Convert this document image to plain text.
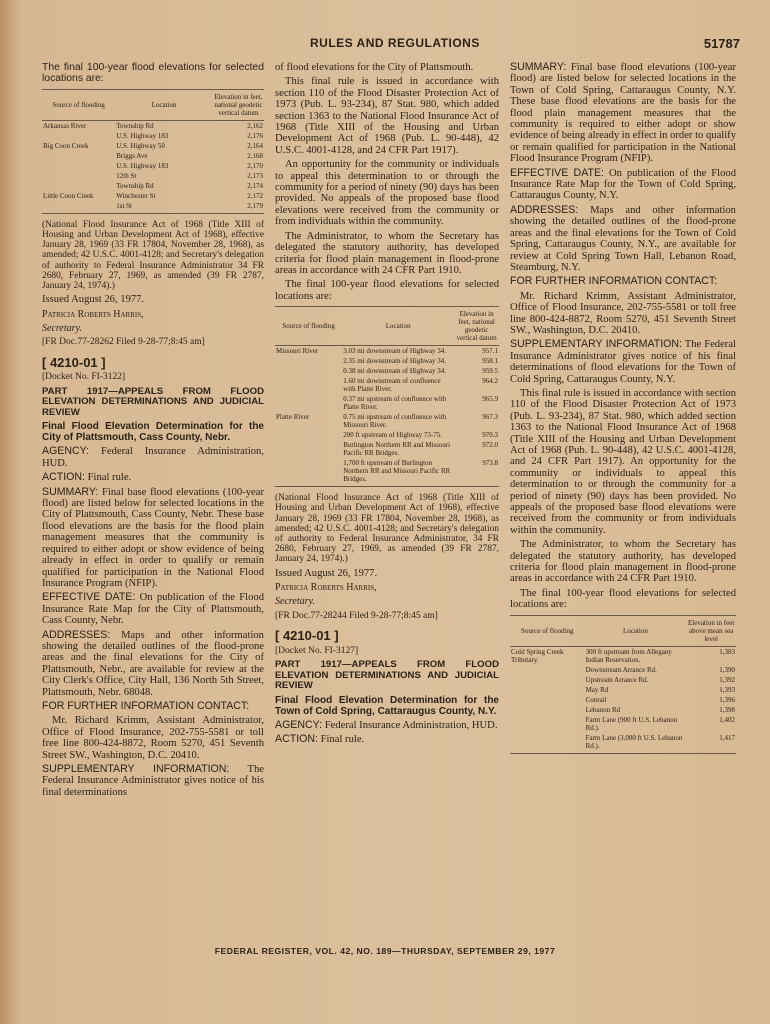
RULES AND REGULATIONS	51787

The final 100-year flood elevations for selected locations are:

Source of flooding	Location	Elevation in feet, national geodetic vertical datum
Arkansas River	Township Rd	2,162
	U.S. Highway 183	2,176
Big Coon Creek	U.S. Highway 50	2,164
	Briggs Ave	2,168
	U.S. Highway 183	2,170
	12th St	2,173
	Township Rd	2,174
Little Coon Creek	Winchester St	2,172
	1st St	2,179

(National Flood Insurance Act of 1968 (Title XIII of Housing and Urban Development Act of 1968), effective January 28, 1969 (33 FR 17804, November 28, 1968), as amended; 42 U.S.C. 4001-4128; and Secretary's delegation of authority to Federal Insurance Administrator 34 FR 2680, February 27, 1969, as amended (39 FR 2787, January 24, 1974).)

Issued August 26, 1977.

Patricia Roberts Harris,

Secretary.

[FR Doc.77-28262 Filed 9-28-77;8:45 am]

[ 4210-01 ]

[Docket No. FI-3122]

PART 1917—APPEALS FROM FLOOD ELEVATION DETERMINATIONS AND JUDICIAL REVIEW

Final Flood Elevation Determination for the City of Plattsmouth, Cass County, Nebr.

AGENCY: Federal Insurance Administration, HUD.

ACTION: Final rule.

SUMMARY: Final base flood elevations (100-year flood) are listed below for selected locations in the City of Plattsmouth, Cass County, Nebr. These base flood elevations are the basis for the flood plain management measures that the community is required to either adopt or show evidence of being already in effect in order to qualify or remain qualified for participation in the National Flood Insurance Program (NFIP).

EFFECTIVE DATE: On publication of the Flood Insurance Rate Map for the City of Plattsmouth, Cass County, Nebr.

ADDRESSES: Maps and other information showing the detailed outlines of the flood-prone areas and the final elevations for the City of Plattsmouth, Nebr., are available for review at the City Clerk's Office, City Hall, 136 North 5th Street, Plattsmouth, Nebr. 68048.

FOR FURTHER INFORMATION CONTACT:

Mr. Richard Krimm, Assistant Administrator, Office of Flood Insurance, 202-755-5581 or toll free line 800-424-8872, Room 5270, 451 Seventh Street SW., Washington, D.C. 20410.

SUPPLEMENTARY INFORMATION: The Federal Insurance Administrator gives notice of his final determinations

of flood elevations for the City of Plattsmouth.

This final rule is issued in accordance with section 110 of the Flood Disaster Protection Act of 1973 (Pub. L. 93-234), 87 Stat. 980, which added section 1363 to the National Flood Insurance Act of 1968 (Title XIII of the Housing and Urban Development Act of 1968 (Pub. L. 90-448), 42 U.S.C. 4001-4128, and 24 CFR Part 1917).

An opportunity for the community or individuals to appeal this determination to or through the community for a period of ninety (90) days has been provided. No appeals of the proposed base flood elevations were received from the community or from individuals within the community.

The Administrator, to whom the Secretary has delegated the statutory authority, has developed criteria for flood plain management in flood-prone areas in accordance with 24 CFR Part 1910.

The final 100-year flood elevations for selected locations are:

Source of flooding	Location	Elevation in feet, national geodetic vertical datum
Missouri River	3.03 mi downstream of Highway 34.	957.1
	2.35 mi downstream of Highway 34.	958.1
	0.38 mi downstream of Highway 34.	959.5
	1.60 mi downstream of confluence with Platte River.	964.2
	0.37 mi upstream of confluence with Platte River.	965.9
Platte River	0.75 mi upstream of confluence with Missouri River.	967.3
	200 ft upstream of Highway 73-75.	970.3
	Burlington Northern RR and Missouri Pacific RR Bridges.	972.0
	1,700 ft upstream of Burlington Northern RR and Missouri Pacific RR Bridges.	973.8

(National Flood Insurance Act of 1968 (Title XIII of Housing and Urban Development Act of 1968), effective January 28, 1969 (33 FR 17804, November 28, 1968), as amended; 42 U.S.C. 4001-4128; and Secretary's delegation of authority to Federal Insurance Administrator, 34 FR 2680, February 27, 1969, as amended (39 FR 2787, January 24, 1974).)

Issued August 26, 1977.

Patricia Roberts Harris,

Secretary.

[FR Doc.77-28244 Filed 9-28-77;8:45 am]

[ 4210-01 ]

[Docket No. FI-3127]

PART 1917—APPEALS FROM FLOOD ELEVATION DETERMINATIONS AND JUDICIAL REVIEW

Final Flood Elevation Determination for the Town of Cold Spring, Cattaraugus County, N.Y.

AGENCY: Federal Insurance Administration, HUD.

ACTION: Final rule.

SUMMARY: Final base flood elevations (100-year flood) are listed below for selected locations in the Town of Cold Spring, Cattaraugus County, N.Y. These base flood elevations are the basis for the flood plain management measures that the community is required to either adopt or show evidence of being already in effect in order to qualify or remain qualified for participation in the National Flood Insurance Program (NFIP).

EFFECTIVE DATE: On publication of the Flood Insurance Rate Map for the Town of Cold Spring, Cattaraugus County, N.Y.

ADDRESSES: Maps and other information showing the detailed outlines of the flood-prone areas and the final elevations for the Town of Cold Spring, Cattaraugus County, N.Y., are available for review at Cold Spring Town Hall, Lebanon Road, Steamburg, N.Y.

FOR FURTHER INFORMATION CONTACT:

Mr. Richard Krimm, Assistant Administrator, Office of Flood Insurance, 202-755-5581 or toll free line 800-424-8872, Room 5270, 451 Seventh Street SW., Washington, D.C. 20410.

SUPPLEMENTARY INFORMATION: The Federal Insurance Administrator gives notice of his final determinations of flood elevations for the Town of Cold Spring, Cattaraugus County, N.Y.

This final rule is issued in accordance with section 110 of the Flood Disaster Protection Act of 1973 (Pub. L. 93-234), 87 Stat. 980, which added section 1363 to the National Flood Insurance Act of 1968 (Title XIII of the Housing and Urban Development Act of 1968 (Pub. L. 90-448), 42 U.S.C. 4001-4128, and 24 CFR Part 1917). An opportunity for the community or individuals to appeal this determination to or through the community for a period of ninety (90) days has been provided. No appeals of the proposed base flood elevations were received from the community or from individuals within the community.

The Administrator, to whom the Secretary has delegated the statutory authority, has developed criteria for flood plain management in flood-prone areas in accordance with 24 CFR Part 1910.

The final 100-year flood elevations for selected locations are:

Source of flooding	Location	Elevation in feet above mean sea level
Cold Spring Creek Tributary.	300 ft upstream from Allegany Indian Reservation.	1,383
	Downstream Arrance Rd.	1,390
	Upstream Arrance Rd.	1,392
	May Rd	1,393
	Conrail	1,396
	Lebanon Rd	1,398
	Farm Lane (900 ft U.S. Lebanon Rd.).	1,402
	Farm Lane (3,000 ft U.S. Lebanon Rd.).	1,417
FEDERAL REGISTER, VOL. 42, NO. 189—THURSDAY, SEPTEMBER 29, 1977
